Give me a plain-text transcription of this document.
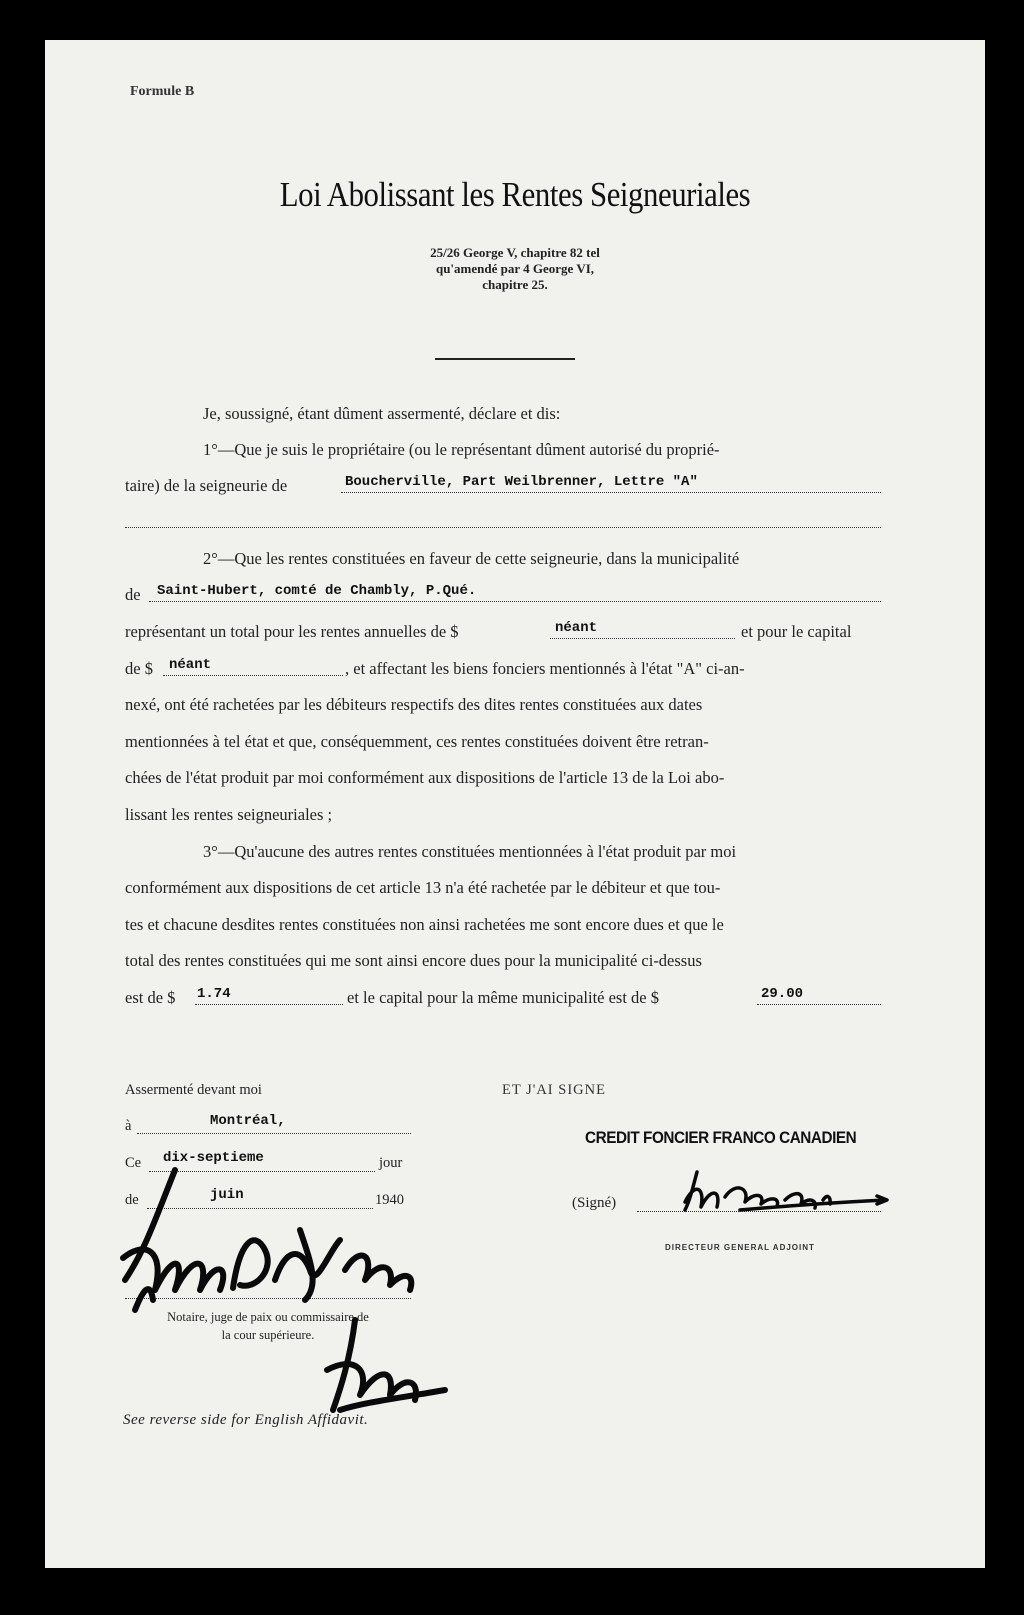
Formule B
Loi Abolissant les Rentes Seigneuriales
25/26 George V, chapitre 82 tel
qu'amendé par 4 George VI,
chapitre 25.
Je, soussigné, étant dûment assermenté, déclare et dis:
1°—Que je suis le propriétaire (ou le représentant dûment autorisé du proprié-
taire) de la seigneurie de	Boucherville, Part Weilbrenner, Lettre "A"
2°—Que les rentes constituées en faveur de cette seigneurie, dans la municipalité
de Saint-Hubert, comté de Chambly, P.Qué.
représentant un total pour les rentes annuelles de $	néant	et pour le capital
de $ néant	, et affectant les biens fonciers mentionnés à l'état "A" ci-an-
nexé, ont été rachetées par les débiteurs respectifs des dites rentes constituées aux dates
mentionnées à tel état et que, conséquemment, ces rentes constituées doivent être retran-
chées de l'état produit par moi conformément aux dispositions de l'article 13 de la Loi abo-
lissant les rentes seigneuriales ;
3°—Qu'aucune des autres rentes constituées mentionnées à l'état produit par moi
conformément aux dispositions de cet article 13 n'a été rachetée par le débiteur et que tou-
tes et chacune desdites rentes constituées non ainsi rachetées me sont encore dues et que le
total des rentes constituées qui me sont ainsi encore dues pour la municipalité ci-dessus
est de $ 1.74	et le capital pour la même municipalité est de $	29.00
Assermenté devant moi
à	Montréal,
Ce dix-septieme	jour
de	juin	1940
Notaire, juge de paix ou commissaire de
la cour supérieure.
See reverse side for English Affidavit.
ET J'AI SIGNE
CREDIT FONCIER FRANCO CANADIEN
(Signé)
DIRECTEUR GENERAL ADJOINT
